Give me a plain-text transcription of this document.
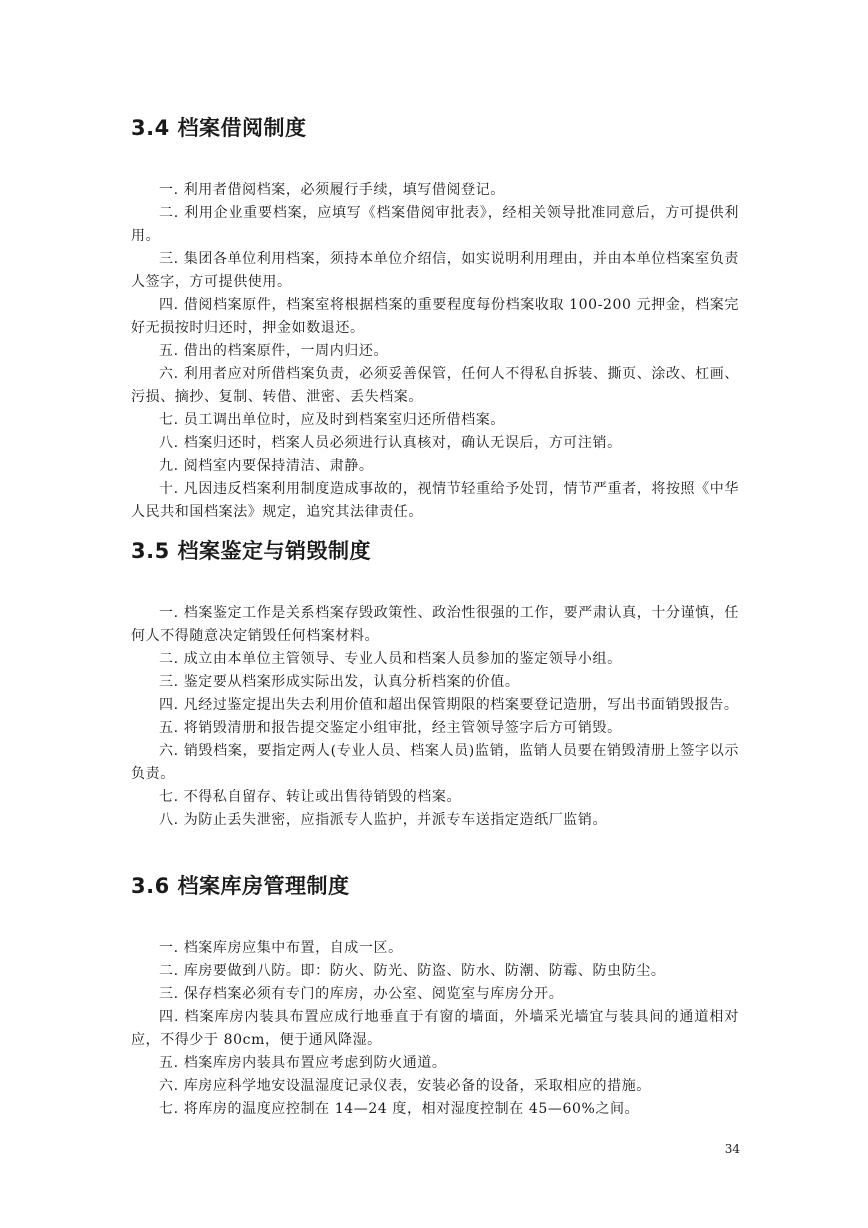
3.4 档案借阅制度

一. 利用者借阅档案，必须履行手续，填写借阅登记。

二. 利用企业重要档案，应填写《档案借阅审批表》，经相关领导批准同意后，方可提供利用。

三. 集团各单位利用档案，须持本单位介绍信，如实说明利用理由，并由本单位档案室负责人签字，方可提供使用。

四. 借阅档案原件，档案室将根据档案的重要程度每份档案收取 100-200 元押金，档案完好无损按时归还时，押金如数退还。

五. 借出的档案原件，一周内归还。

六. 利用者应对所借档案负责，必须妥善保管，任何人不得私自拆装、撕页、涂改、杠画、污损、摘抄、复制、转借、泄密、丢失档案。

七. 员工调出单位时，应及时到档案室归还所借档案。

八. 档案归还时，档案人员必须进行认真核对，确认无误后，方可注销。

九. 阅档室内要保持清洁、肃静。

十. 凡因违反档案利用制度造成事故的，视情节轻重给予处罚，情节严重者，将按照《中华人民共和国档案法》规定，追究其法律责任。

3.5 档案鉴定与销毁制度

一. 档案鉴定工作是关系档案存毁政策性、政治性很强的工作，要严肃认真，十分谨慎，任何人不得随意决定销毁任何档案材料。

二. 成立由本单位主管领导、专业人员和档案人员参加的鉴定领导小组。

三. 鉴定要从档案形成实际出发，认真分析档案的价值。

四. 凡经过鉴定提出失去利用价值和超出保管期限的档案要登记造册，写出书面销毁报告。

五. 将销毁清册和报告提交鉴定小组审批，经主管领导签字后方可销毁。

六. 销毁档案，要指定两人(专业人员、档案人员)监销，监销人员要在销毁清册上签字以示负责。

七. 不得私自留存、转让或出售待销毁的档案。

八. 为防止丢失泄密，应指派专人监护，并派专车送指定造纸厂监销。

3.6 档案库房管理制度

一. 档案库房应集中布置，自成一区。

二. 库房要做到八防。即：防火、防光、防盗、防水、防潮、防霉、防虫防尘。

三. 保存档案必须有专门的库房，办公室、阅览室与库房分开。

四. 档案库房内装具布置应成行地垂直于有窗的墙面，外墙采光墙宜与装具间的通道相对应，不得少于 80cm，便于通风降湿。

五. 档案库房内装具布置应考虑到防火通道。

六. 库房应科学地安设温湿度记录仪表，安装必备的设备，采取相应的措施。

七. 将库房的温度应控制在 14—24 度，相对湿度控制在 45—60%之间。

34
